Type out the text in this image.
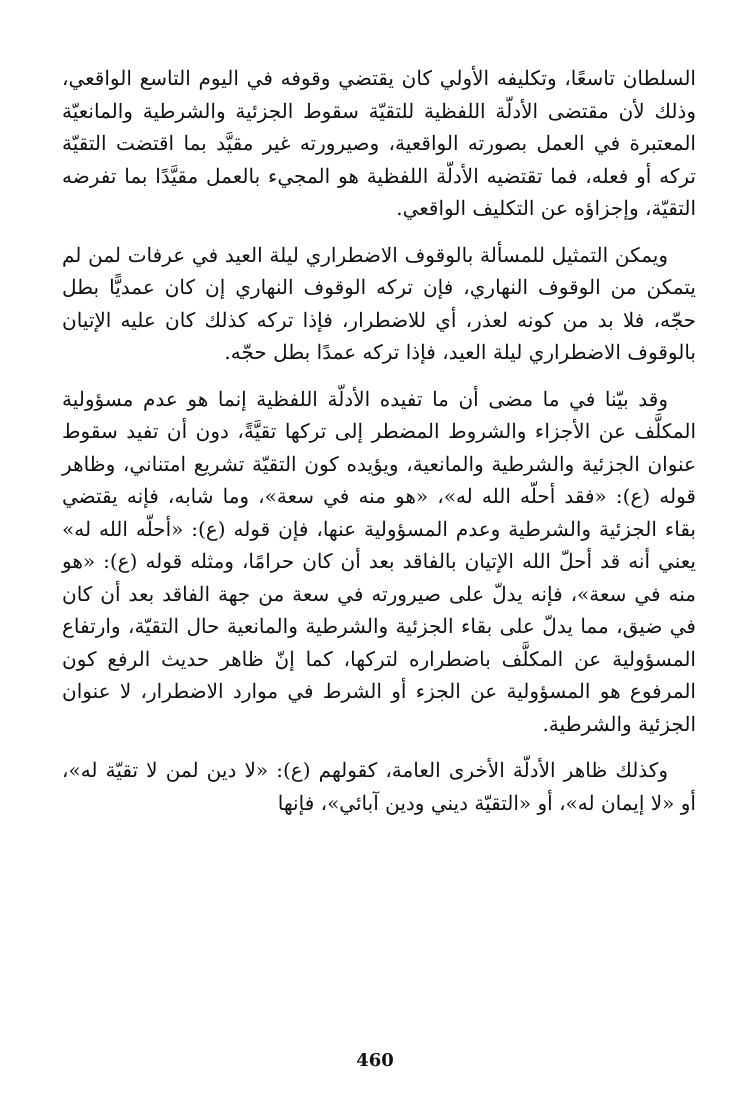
السلطان تاسعًا، وتكليفه الأولي كان يقتضي وقوفه في اليوم التاسع الواقعي، وذلك لأن مقتضى الأدلّة اللفظية للتقيّة سقوط الجزئية والشرطية والمانعيّة المعتبرة في العمل بصورته الواقعية، وصيرورته غير مقيَّد بما اقتضت التقيّة تركه أو فعله، فما تقتضيه الأدلّة اللفظية هو المجيء بالعمل مقيَّدًا بما تفرضه التقيّة، وإجزاؤه عن التكليف الواقعي.

ويمكن التمثيل للمسألة بالوقوف الاضطراري ليلة العيد في عرفات لمن لم يتمكن من الوقوف النهاري، فإن تركه الوقوف النهاري إن كان عمديًّا بطل حجّه، فلا بد من كونه لعذر، أي للاضطرار، فإذا تركه كذلك كان عليه الإتيان بالوقوف الاضطراري ليلة العيد، فإذا تركه عمدًا بطل حجّه.

وقد بيّنا في ما مضى أن ما تفيده الأدلّة اللفظية إنما هو عدم مسؤولية المكلَّف عن الأجزاء والشروط المضطر إلى تركها تقيَّةً، دون أن تفيد سقوط عنوان الجزئية والشرطية والمانعية، ويؤيده كون التقيّة تشريع امتناني، وظاهر قوله (ع): «فقد أحلّه الله له»، «هو منه في سعة»، وما شابه، فإنه يقتضي بقاء الجزئية والشرطية وعدم المسؤولية عنها، فإن قوله (ع): «أحلّه الله له» يعني أنه قد أحلّ الله الإتيان بالفاقد بعد أن كان حرامًا، ومثله قوله (ع): «هو منه في سعة»، فإنه يدلّ على صيرورته في سعة من جهة الفاقد بعد أن كان في ضيق، مما يدلّ على بقاء الجزئية والشرطية والمانعية حال التقيّة، وارتفاع المسؤولية عن المكلَّف باضطراره لتركها، كما إنّ ظاهر حديث الرفع كون المرفوع هو المسؤولية عن الجزء أو الشرط في موارد الاضطرار، لا عنوان الجزئية والشرطية.

وكذلك ظاهر الأدلّة الأخرى العامة، كقولهم (ع): «لا دين لمن لا تقيّة له»، أو «لا إيمان له»، أو «التقيّة ديني ودين آبائي»، فإنها

460
